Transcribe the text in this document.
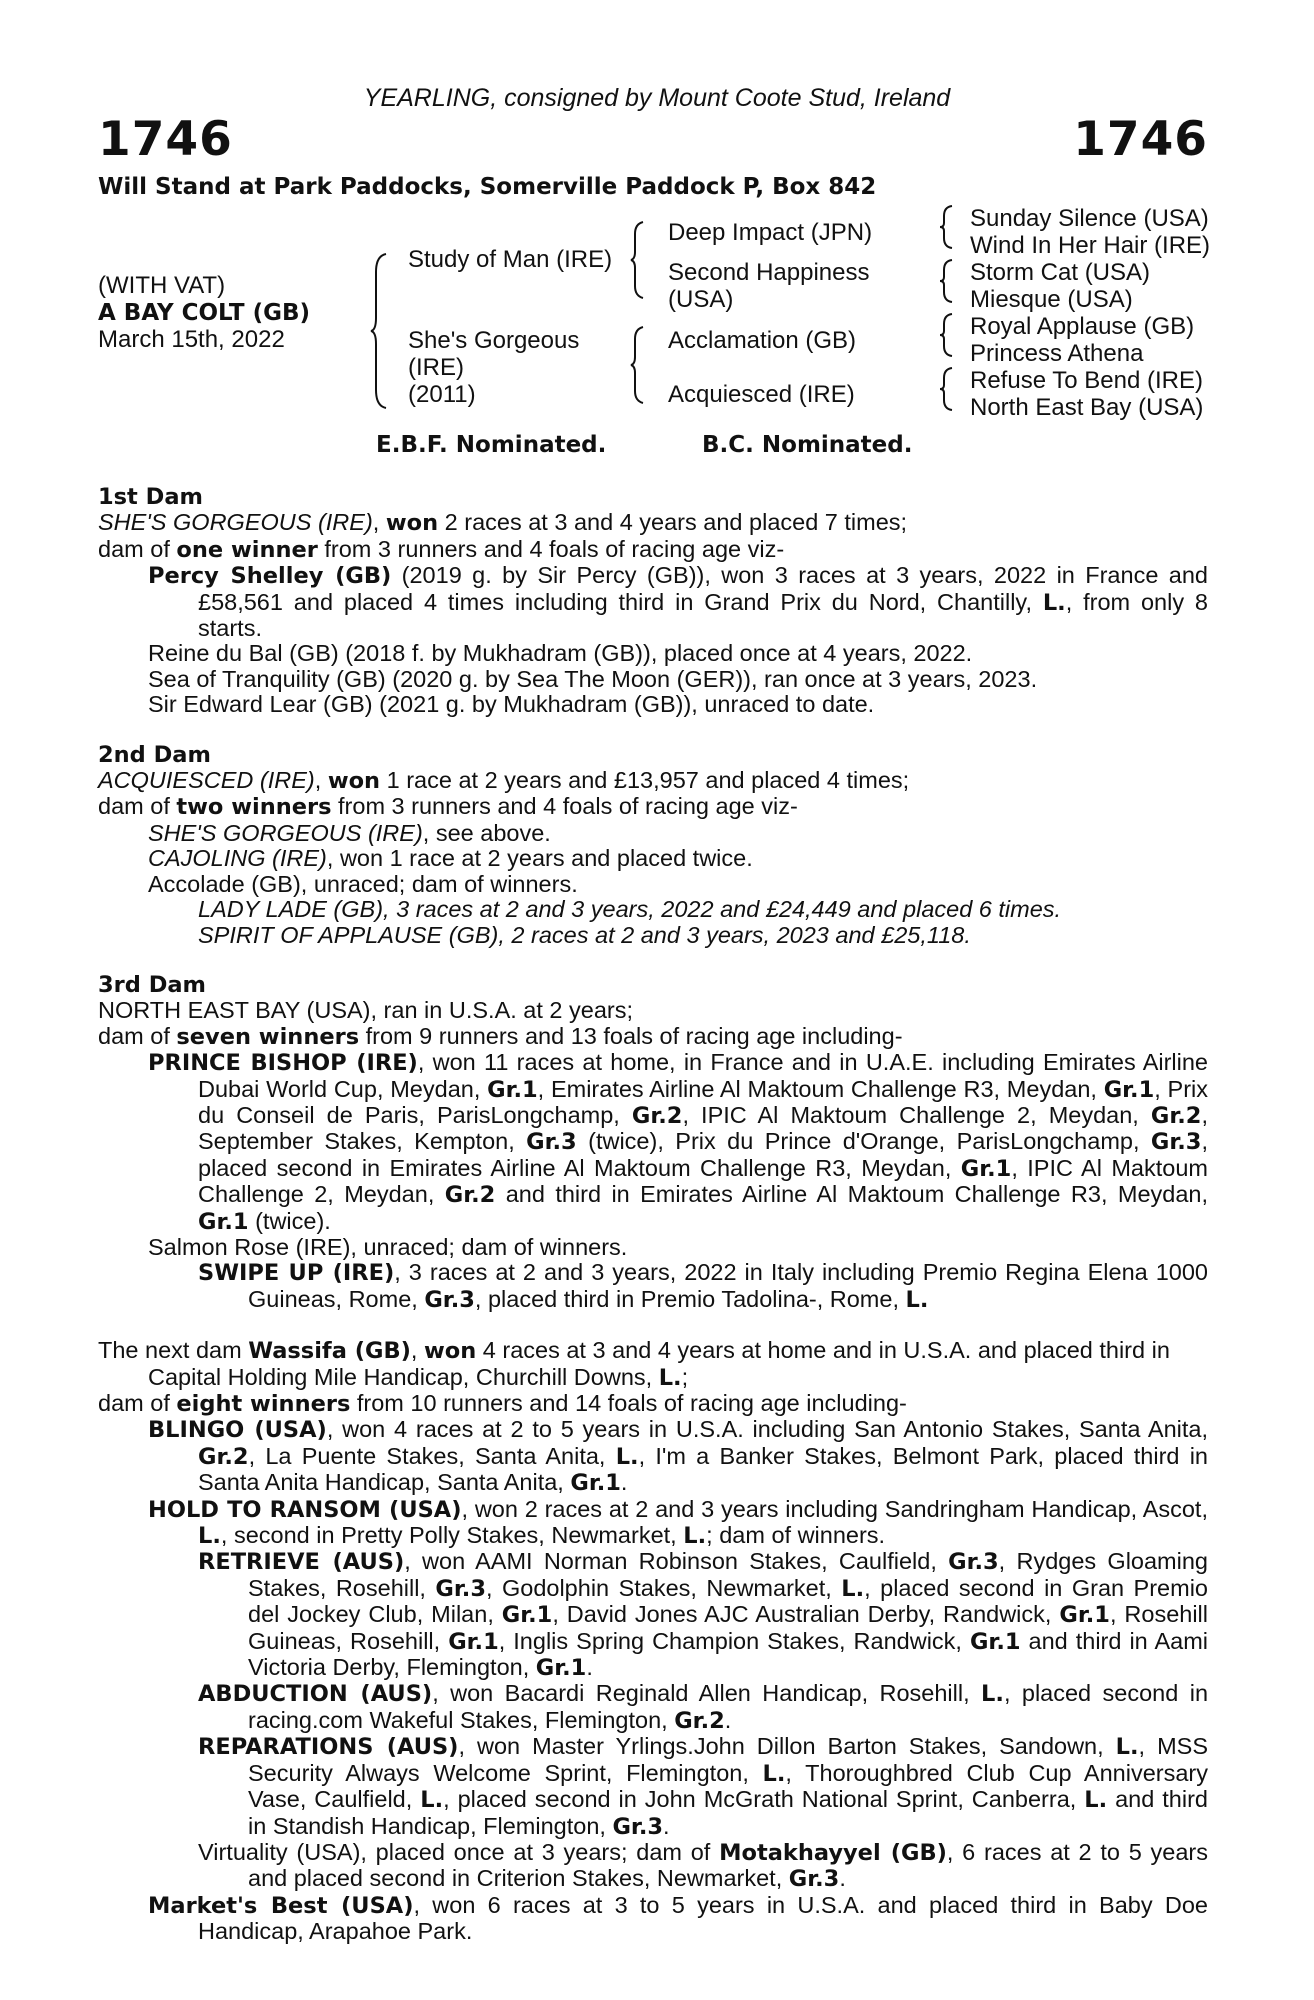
YEARLING, consigned by Mount Coote Stud, Ireland
1746	1746
Will Stand at Park Paddocks, Somerville Paddock P, Box 842
(WITH VAT)
A BAY COLT (GB)
March 15th, 2022
Study of Man (IRE)
She's Gorgeous
(IRE)
(2011)
Deep Impact (JPN)
Second Happiness
(USA)
Acclamation (GB)
Acquiesced (IRE)
Sunday Silence (USA)
Wind In Her Hair (IRE)
Storm Cat (USA)
Miesque (USA)
Royal Applause (GB)
Princess Athena
Refuse To Bend (IRE)
North East Bay (USA)
E.B.F. Nominated.	B.C. Nominated.

1st Dam

SHE'S GORGEOUS (IRE), won 2 races at 3 and 4 years and placed 7 times;

dam of one winner from 3 runners and 4 foals of racing age viz-

Percy Shelley (GB) (2019 g. by Sir Percy (GB)), won 3 races at 3 years, 2022 in France and £58,561 and placed 4 times including third in Grand Prix du Nord, Chantilly, L., from only 8 starts.

Reine du Bal (GB) (2018 f. by Mukhadram (GB)), placed once at 4 years, 2022.

Sea of Tranquility (GB) (2020 g. by Sea The Moon (GER)), ran once at 3 years, 2023.

Sir Edward Lear (GB) (2021 g. by Mukhadram (GB)), unraced to date.

2nd Dam

ACQUIESCED (IRE), won 1 race at 2 years and £13,957 and placed 4 times;

dam of two winners from 3 runners and 4 foals of racing age viz-

SHE'S GORGEOUS (IRE), see above.

CAJOLING (IRE), won 1 race at 2 years and placed twice.

Accolade (GB), unraced; dam of winners.

LADY LADE (GB), 3 races at 2 and 3 years, 2022 and £24,449 and placed 6 times.

SPIRIT OF APPLAUSE (GB), 2 races at 2 and 3 years, 2023 and £25,118.

3rd Dam

NORTH EAST BAY (USA), ran in U.S.A. at 2 years;

dam of seven winners from 9 runners and 13 foals of racing age including-

PRINCE BISHOP (IRE), won 11 races at home, in France and in U.A.E. including Emirates Airline Dubai World Cup, Meydan, Gr.1, Emirates Airline Al Maktoum Challenge R3, Meydan, Gr.1, Prix du Conseil de Paris, ParisLongchamp, Gr.2, IPIC Al Maktoum Challenge 2, Meydan, Gr.2, September Stakes, Kempton, Gr.3 (twice), Prix du Prince d'Orange, ParisLongchamp, Gr.3, placed second in Emirates Airline Al Maktoum Challenge R3, Meydan, Gr.1, IPIC Al Maktoum Challenge 2, Meydan, Gr.2 and third in Emirates Airline Al Maktoum Challenge R3, Meydan, Gr.1 (twice).

Salmon Rose (IRE), unraced; dam of winners.

SWIPE UP (IRE), 3 races at 2 and 3 years, 2022 in Italy including Premio Regina Elena 1000 Guineas, Rome, Gr.3, placed third in Premio Tadolina-, Rome, L.

The next dam Wassifa (GB), won 4 races at 3 and 4 years at home and in U.S.A. and placed third in Capital Holding Mile Handicap, Churchill Downs, L.;

dam of eight winners from 10 runners and 14 foals of racing age including-

BLINGO (USA), won 4 races at 2 to 5 years in U.S.A. including San Antonio Stakes, Santa Anita, Gr.2, La Puente Stakes, Santa Anita, L., I'm a Banker Stakes, Belmont Park, placed third in Santa Anita Handicap, Santa Anita, Gr.1.

HOLD TO RANSOM (USA), won 2 races at 2 and 3 years including Sandringham Handicap, Ascot, L., second in Pretty Polly Stakes, Newmarket, L.; dam of winners.

RETRIEVE (AUS), won AAMI Norman Robinson Stakes, Caulfield, Gr.3, Rydges Gloaming Stakes, Rosehill, Gr.3, Godolphin Stakes, Newmarket, L., placed second in Gran Premio del Jockey Club, Milan, Gr.1, David Jones AJC Australian Derby, Randwick, Gr.1, Rosehill Guineas, Rosehill, Gr.1, Inglis Spring Champion Stakes, Randwick, Gr.1 and third in Aami Victoria Derby, Flemington, Gr.1.

ABDUCTION (AUS), won Bacardi Reginald Allen Handicap, Rosehill, L., placed second in racing.com Wakeful Stakes, Flemington, Gr.2.

REPARATIONS (AUS), won Master Yrlings.John Dillon Barton Stakes, Sandown, L., MSS Security Always Welcome Sprint, Flemington, L., Thoroughbred Club Cup Anniversary Vase, Caulfield, L., placed second in John McGrath National Sprint, Canberra, L. and third in Standish Handicap, Flemington, Gr.3.

Virtuality (USA), placed once at 3 years; dam of Motakhayyel (GB), 6 races at 2 to 5 years and placed second in Criterion Stakes, Newmarket, Gr.3.

Market's Best (USA), won 6 races at 3 to 5 years in U.S.A. and placed third in Baby Doe Handicap, Arapahoe Park.
